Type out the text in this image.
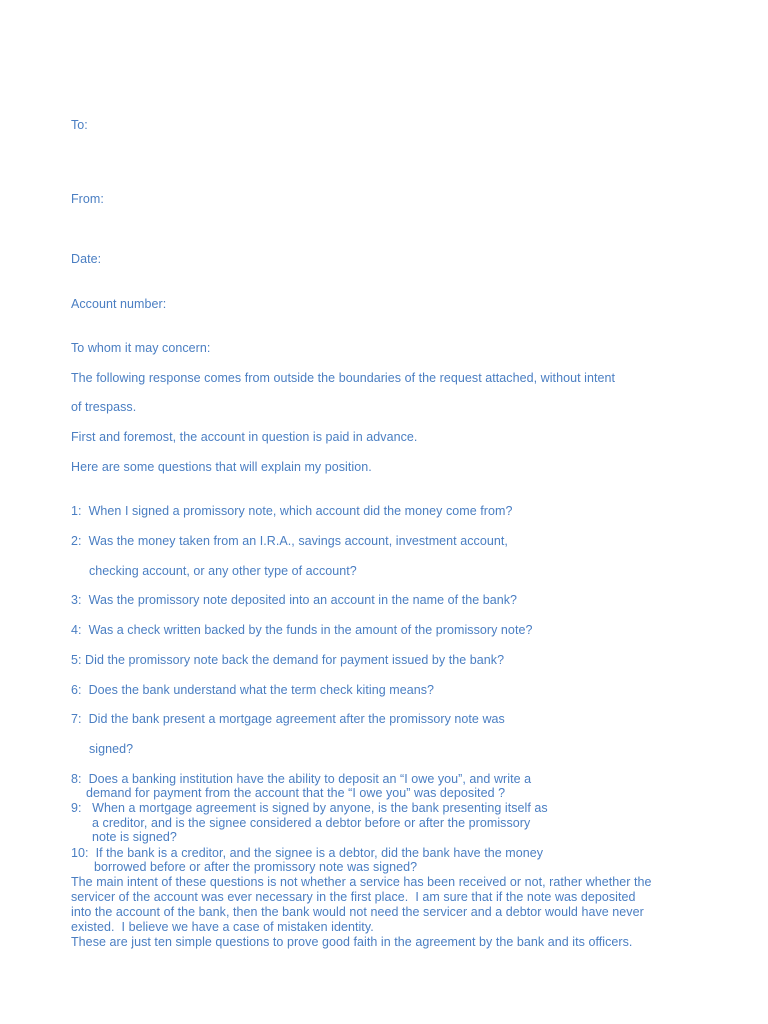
To:
From:
Date:
Account number:
To whom it may concern:
The following response comes from outside the boundaries of the request attached, without intent
of trespass.
First and foremost, the account in question is paid in advance.
Here are some questions that will explain my position.
1:  When I signed a promissory note, which account did the money come from?
2:  Was the money taken from an I.R.A., savings account, investment account,
checking account, or any other type of account?
3:  Was the promissory note deposited into an account in the name of the bank?
4:  Was a check written backed by the funds in the amount of the promissory note?
5: Did the promissory note back the demand for payment issued by the bank?
6:  Does the bank understand what the term check kiting means?
7:  Did the bank present a mortgage agreement after the promissory note was
signed?
8:  Does a banking institution have the ability to deposit an “I owe you”, and write a
demand for payment from the account that the “I owe you” was deposited ?
9:   When a mortgage agreement is signed by anyone, is the bank presenting itself as
a creditor, and is the signee considered a debtor before or after the promissory
note is signed?
10:  If the bank is a creditor, and the signee is a debtor, did the bank have the money
borrowed before or after the promissory note was signed?
The main intent of these questions is not whether a service has been received or not, rather whether the
servicer of the account was ever necessary in the first place.  I am sure that if the note was deposited
into the account of the bank, then the bank would not need the servicer and a debtor would have never
existed.  I believe we have a case of mistaken identity.
These are just ten simple questions to prove good faith in the agreement by the bank and its officers.
